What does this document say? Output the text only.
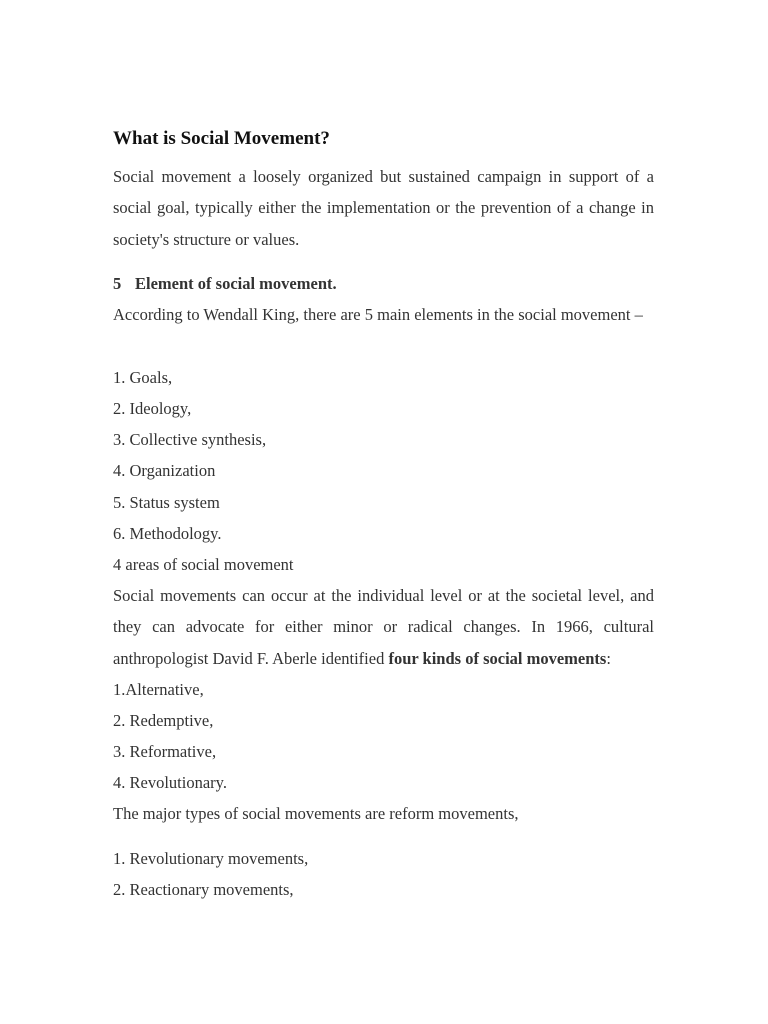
What is Social Movement?

Social movement a loosely organized but sustained campaign in support of a social goal, typically either the implementation or the prevention of a change in society's structure or values.

5 Element of social movement.

According to Wendall King, there are 5 main elements in the social movement –

1. Goals,
2. Ideology,
3. Collective synthesis,
4. Organization
5. Status system
6. Methodology.
4 areas of social movement

Social movements can occur at the individual level or at the societal level, and they can advocate for either minor or radical changes. In 1966, cultural anthropologist David F. Aberle identified four kinds of social movements:

1.Alternative,
2. Redemptive,
3. Reformative,
4. Revolutionary.
The major types of social movements are reform movements,
1. Revolutionary movements,
2. Reactionary movements,
